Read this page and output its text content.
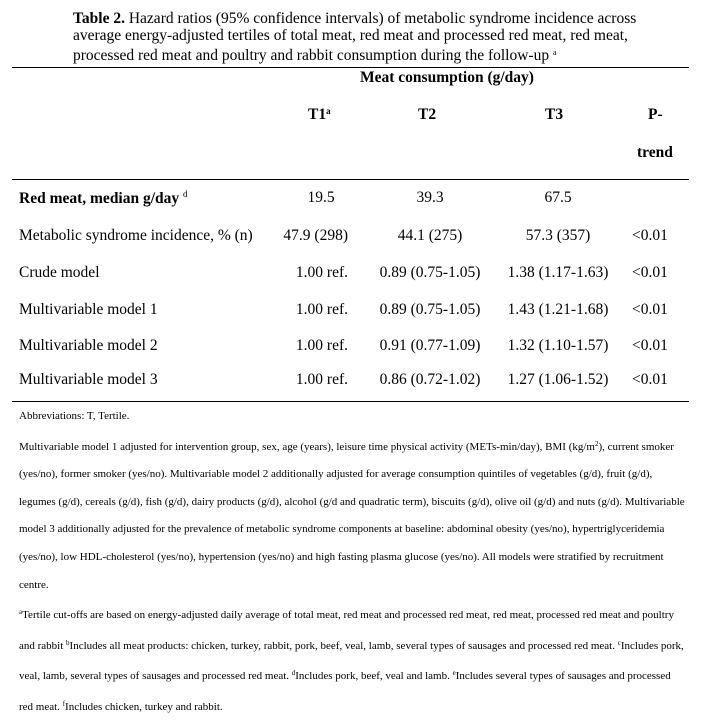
Table 2. Hazard ratios (95% confidence intervals) of metabolic syndrome incidence across average energy-adjusted tertiles of total meat, red meat and processed red meat, red meat, processed red meat and poultry and rabbit consumption during the follow-up $^a$
Meat consumption (g/day)
T1$^a$	T2	T3	P-
trend
Red meat, median g/day $^d$	19.5	39.3	67.5
Metabolic syndrome incidence, % (n)	47.9 (298)	44.1 (275)	57.3 (357)	<0.01
Crude model	1.00 ref.	0.89 (0.75-1.05)	1.38 (1.17-1.63)	<0.01
Multivariable model 1	1.00 ref.	0.89 (0.75-1.05)	1.43 (1.21-1.68)	<0.01
Multivariable model 2	1.00 ref.	0.91 (0.77-1.09)	1.32 (1.10-1.57)	<0.01
Multivariable model 3	1.00 ref.	0.86 (0.72-1.02)	1.27 (1.06-1.52)	<0.01

Abbreviations: T, Tertile.

Multivariable model 1 adjusted for intervention group, sex, age (years), leisure time physical activity (METs-min/day), BMI $(kg/m^2)$, current smoker (yes/no), former smoker (yes/no). Multivariable model 2 additionally adjusted for average consumption quintiles of vegetables (g/d), fruit (g/d), legumes (g/d), cereals (g/d), fish (g/d), dairy products (g/d), alcohol (g/d and quadratic term), biscuits (g/d), olive oil (g/d) and nuts (g/d). Multivariable model 3 additionally adjusted for the prevalence of metabolic syndrome components at baseline: abdominal obesity (yes/no), hypertriglyceridemia (yes/no), low HDL-cholesterol (yes/no), hypertension (yes/no) and high fasting plasma glucose (yes/no). All models were stratified by recruitment centre.

$^a$Tertile cut-offs are based on energy-adjusted daily average of total meat, red meat and processed red meat, red meat, processed red meat and poultry and rabbit $^b$Includes all meat products: chicken, turkey, rabbit, pork, beef, veal, lamb, several types of sausages and processed red meat. $^c$Includes pork, veal, lamb, several types of sausages and processed red meat. $^d$Includes pork, beef, veal and lamb. $^e$Includes several types of sausages and processed red meat. $^f$Includes chicken, turkey and rabbit.
